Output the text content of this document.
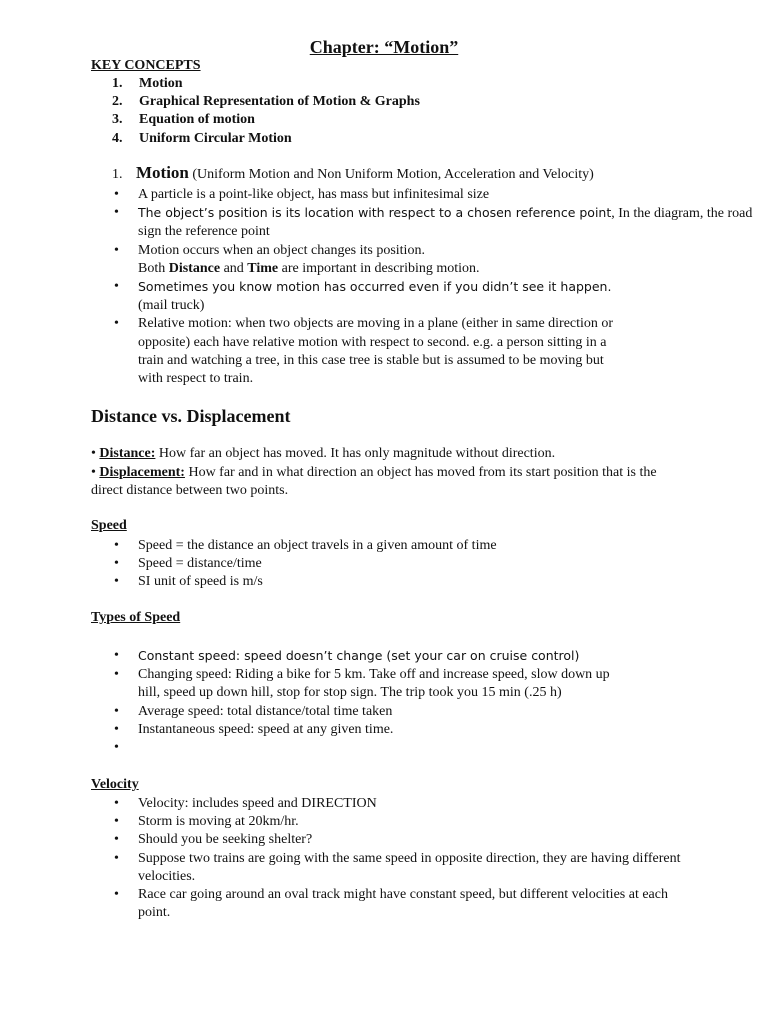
Chapter: “Motion”
KEY CONCEPTS
1. Motion
2. Graphical Representation of Motion & Graphs
3. Equation of motion
4. Uniform Circular Motion
1. Motion (Uniform Motion and Non Uniform Motion, Acceleration and Velocity)
• A particle is a point-like object, has mass but infinitesimal size
• The object’s position is its location with respect to a chosen reference point, In the diagram, the road sign the reference point
• Motion occurs when an object changes its position.
Both Distance and Time are important in describing motion.
• Sometimes you know motion has occurred even if you didn’t see it happen.
(mail truck)
• Relative motion: when two objects are moving in a plane (either in same direction or opposite) each have relative motion with respect to second. e.g. a person sitting in a train and watching a tree, in this case tree is stable but is assumed to be moving but with respect to train.
Distance vs. Displacement

• Distance: How far an object has moved. It has only magnitude without direction.

• Displacement: How far and in what direction an object has moved from its start position that is the direct distance between two points.

Speed
• Speed = the distance an object travels in a given amount of time
• Speed = distance/time
• SI unit of speed is m/s
Types of Speed
• Constant speed: speed doesn’t change (set your car on cruise control)
• Changing speed: Riding a bike for 5 km. Take off and increase speed, slow down up hill, speed up down hill, stop for stop sign. The trip took you 15 min (.25 h)
• Average speed: total distance/total time taken
• Instantaneous speed: speed at any given time.
•
Velocity
• Velocity: includes speed and DIRECTION
• Storm is moving at 20km/hr.
• Should you be seeking shelter?
• Suppose two trains are going with the same speed in opposite direction, they are having different velocities.
• Race car going around an oval track might have constant speed, but different velocities at each point.
